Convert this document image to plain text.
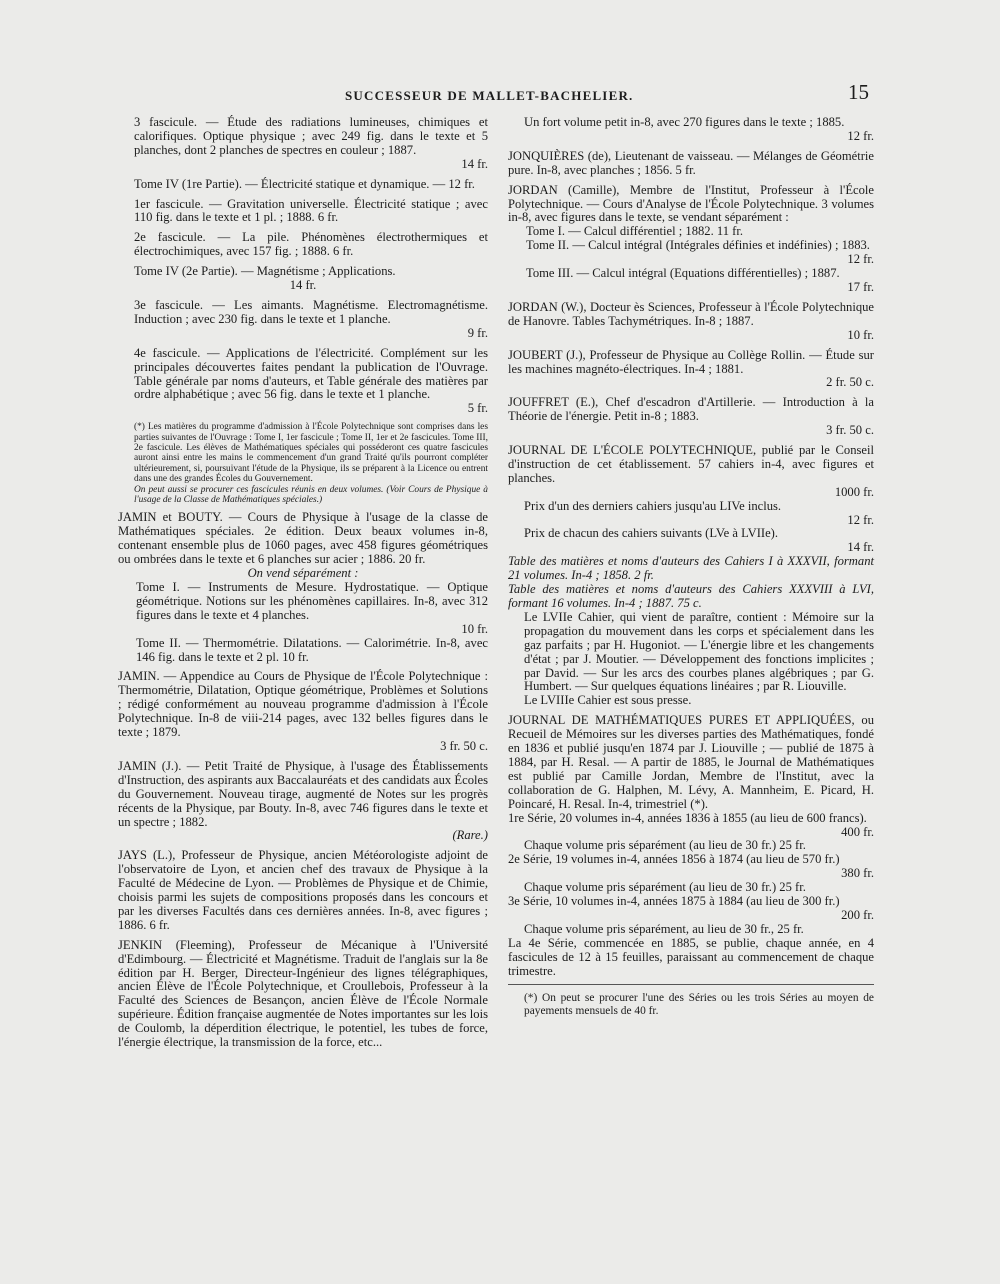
SUCCESSEUR DE MALLET-BACHELIER.	15

3 fascicule. — Étude des radiations lumineuses, chimiques et calorifiques. Optique physique ; avec 249 fig. dans le texte et 5 planches, dont 2 planches de spectres en couleur ; 1887.

14 fr.

Tome IV (1re Partie). — Électricité statique et dynamique. — 12 fr.

1er fascicule. — Gravitation universelle. Électricité statique ; avec 110 fig. dans le texte et 1 pl. ; 1888. 6 fr.

2e fascicule. — La pile. Phénomènes électrothermiques et électrochimiques, avec 157 fig. ; 1888. 6 fr.

Tome IV (2e Partie). — Magnétisme ; Applications.

14 fr.

3e fascicule. — Les aimants. Magnétisme. Electromagnétisme. Induction ; avec 230 fig. dans le texte et 1 planche.

9 fr.

4e fascicule. — Applications de l'électricité. Complément sur les principales découvertes faites pendant la publication de l'Ouvrage. Table générale par noms d'auteurs, et Table générale des matières par ordre alphabétique ; avec 56 fig. dans le texte et 1 planche.

5 fr.

(*) Les matières du programme d'admission à l'École Polytechnique sont comprises dans les parties suivantes de l'Ouvrage : Tome I, 1er fascicule ; Tome II, 1er et 2e fascicules. Tome III, 2e fascicule. Les élèves de Mathématiques spéciales qui posséderont ces quatre fascicules auront ainsi entre les mains le commencement d'un grand Traité qu'ils pourront compléter ultérieurement, si, poursuivant l'étude de la Physique, ils se préparent à la Licence ou entrent dans une des grandes Écoles du Gouvernement.

On peut aussi se procurer ces fascicules réunis en deux volumes. (Voir Cours de Physique à l'usage de la Classe de Mathématiques spéciales.)

JAMIN et BOUTY. — Cours de Physique à l'usage de la classe de Mathématiques spéciales. 2e édition. Deux beaux volumes in-8, contenant ensemble plus de 1060 pages, avec 458 figures géométriques ou ombrées dans le texte et 6 planches sur acier ; 1886. 20 fr.

On vend séparément :

Tome I. — Instruments de Mesure. Hydrostatique. — Optique géométrique. Notions sur les phénomènes capillaires. In-8, avec 312 figures dans le texte et 4 planches.

10 fr.

Tome II. — Thermométrie. Dilatations. — Calorimétrie. In-8, avec 146 fig. dans le texte et 2 pl. 10 fr.

JAMIN. — Appendice au Cours de Physique de l'École Polytechnique : Thermométrie, Dilatation, Optique géométrique, Problèmes et Solutions ; rédigé conformément au nouveau programme d'admission à l'École Polytechnique. In-8 de viii-214 pages, avec 132 belles figures dans le texte ; 1879.

3 fr. 50 c.

JAMIN (J.). — Petit Traité de Physique, à l'usage des Établissements d'Instruction, des aspirants aux Baccalauréats et des candidats aux Écoles du Gouvernement. Nouveau tirage, augmenté de Notes sur les progrès récents de la Physique, par Bouty. In-8, avec 746 figures dans le texte et un spectre ; 1882.

(Rare.)

JAYS (L.), Professeur de Physique, ancien Météorologiste adjoint de l'observatoire de Lyon, et ancien chef des travaux de Physique à la Faculté de Médecine de Lyon. — Problèmes de Physique et de Chimie, choisis parmi les sujets de compositions proposés dans les concours et par les diverses Facultés dans ces dernières années. In-8, avec figures ; 1886. 6 fr.

JENKIN (Fleeming), Professeur de Mécanique à l'Université d'Edimbourg. — Électricité et Magnétisme. Traduit de l'anglais sur la 8e édition par H. Berger, Directeur-Ingénieur des lignes télégraphiques, ancien Élève de l'École Polytechnique, et Croullebois, Professeur à la Faculté des Sciences de Besançon, ancien Élève de l'École Normale supérieure. Édition française augmentée de Notes importantes sur les lois de Coulomb, la déperdition électrique, le potentiel, les tubes de force, l'énergie électrique, la transmission de la force, etc...

Un fort volume petit in-8, avec 270 figures dans le texte ; 1885.

12 fr.

JONQUIÈRES (de), Lieutenant de vaisseau. — Mélanges de Géométrie pure. In-8, avec planches ; 1856. 5 fr.

JORDAN (Camille), Membre de l'Institut, Professeur à l'École Polytechnique. — Cours d'Analyse de l'École Polytechnique. 3 volumes in-8, avec figures dans le texte, se vendant séparément :

Tome I. — Calcul différentiel ; 1882. 11 fr.

Tome II. — Calcul intégral (Intégrales définies et indéfinies) ; 1883.

12 fr.

Tome III. — Calcul intégral (Equations différentielles) ; 1887.

17 fr.

JORDAN (W.), Docteur ès Sciences, Professeur à l'École Polytechnique de Hanovre. Tables Tachymétriques. In-8 ; 1887.

10 fr.

JOUBERT (J.), Professeur de Physique au Collège Rollin. — Étude sur les machines magnéto-électriques. In-4 ; 1881.

2 fr. 50 c.

JOUFFRET (E.), Chef d'escadron d'Artillerie. — Introduction à la Théorie de l'énergie. Petit in-8 ; 1883.

3 fr. 50 c.

JOURNAL DE L'ÉCOLE POLYTECHNIQUE, publié par le Conseil d'instruction de cet établissement. 57 cahiers in-4, avec figures et planches.

1000 fr.

Prix d'un des derniers cahiers jusqu'au LIVe inclus.

12 fr.

Prix de chacun des cahiers suivants (LVe à LVIIe).

14 fr.

Table des matières et noms d'auteurs des Cahiers I à XXXVII, formant 21 volumes. In-4 ; 1858. 2 fr.

Table des matières et noms d'auteurs des Cahiers XXXVIII à LVI, formant 16 volumes. In-4 ; 1887. 75 c.

Le LVIIe Cahier, qui vient de paraître, contient : Mémoire sur la propagation du mouvement dans les corps et spécialement dans les gaz parfaits ; par H. Hugoniot. — L'énergie libre et les changements d'état ; par J. Moutier. — Développement des fonctions implicites ; par David. — Sur les arcs des courbes planes algébriques ; par G. Humbert. — Sur quelques équations linéaires ; par R. Liouville.

Le LVIIIe Cahier est sous presse.

JOURNAL DE MATHÉMATIQUES PURES ET APPLIQUÉES, ou Recueil de Mémoires sur les diverses parties des Mathématiques, fondé en 1836 et publié jusqu'en 1874 par J. Liouville ; — publié de 1875 à 1884, par H. Resal. — A partir de 1885, le Journal de Mathématiques est publié par Camille Jordan, Membre de l'Institut, avec la collaboration de G. Halphen, M. Lévy, A. Mannheim, E. Picard, H. Poincaré, H. Resal. In-4, trimestriel (*).

1re Série, 20 volumes in-4, années 1836 à 1855 (au lieu de 600 francs).

400 fr.

Chaque volume pris séparément (au lieu de 30 fr.) 25 fr.

2e Série, 19 volumes in-4, années 1856 à 1874 (au lieu de 570 fr.)

380 fr.

Chaque volume pris séparément (au lieu de 30 fr.) 25 fr.

3e Série, 10 volumes in-4, années 1875 à 1884 (au lieu de 300 fr.)

200 fr.

Chaque volume pris séparément, au lieu de 30 fr., 25 fr.

La 4e Série, commencée en 1885, se publie, chaque année, en 4 fascicules de 12 à 15 feuilles, paraissant au commencement de chaque trimestre.

(*) On peut se procurer l'une des Séries ou les trois Séries au moyen de payements mensuels de 40 fr.
